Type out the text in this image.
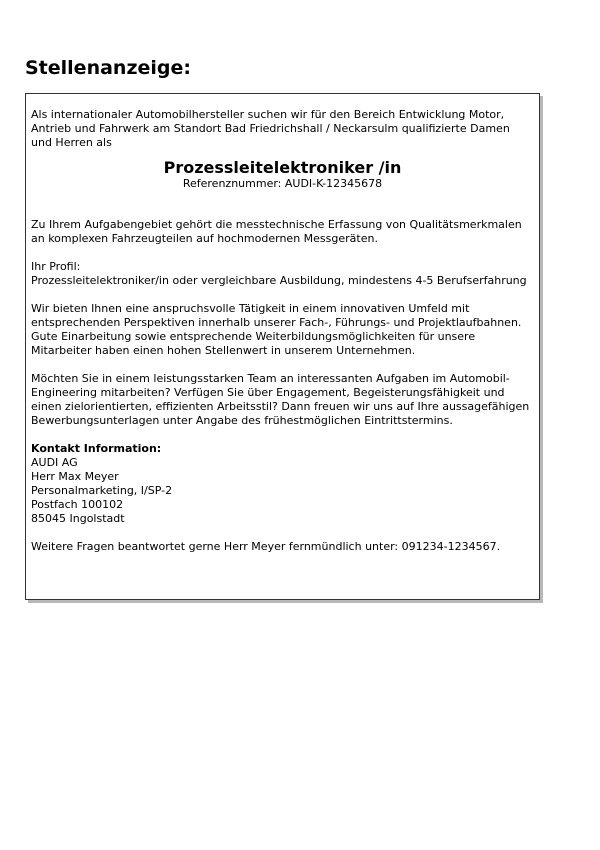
Stellenanzeige:

Als internationaler Automobilhersteller suchen wir für den Bereich Entwicklung Motor, Antrieb und Fahrwerk am Standort Bad Friedrichshall / Neckarsulm qualifizierte Damen und Herren als

Prozessleitelektroniker /in

Referenznummer: AUDI-K-12345678

Zu Ihrem Aufgabengebiet gehört die messtechnische Erfassung von Qualitätsmerkmalen an komplexen Fahrzeugteilen auf hochmodernen Messgeräten.

Ihr Profil:
Prozessleitelektroniker/in oder vergleichbare Ausbildung, mindestens 4-5 Berufserfahrung

Wir bieten Ihnen eine anspruchsvolle Tätigkeit in einem innovativen Umfeld mit entsprechenden Perspektiven innerhalb unserer Fach-, Führungs- und Projektlaufbahnen. Gute Einarbeitung sowie entsprechende Weiterbildungsmöglichkeiten für unsere Mitarbeiter haben einen hohen Stellenwert in unserem Unternehmen.

Möchten Sie in einem leistungsstarken Team an interessanten Aufgaben im Automobil-Engineering mitarbeiten? Verfügen Sie über Engagement, Begeisterungsfähigkeit und einen zielorientierten, effizienten Arbeitsstil? Dann freuen wir uns auf Ihre aussagefähigen Bewerbungsunterlagen unter Angabe des frühestmöglichen Eintrittstermins.

Kontakt Information:
AUDI AG
Herr Max Meyer
Personalmarketing, I/SP-2
Postfach 100102
85045 Ingolstadt

Weitere Fragen beantwortet gerne Herr Meyer fernmündlich unter: 091234-1234567.
